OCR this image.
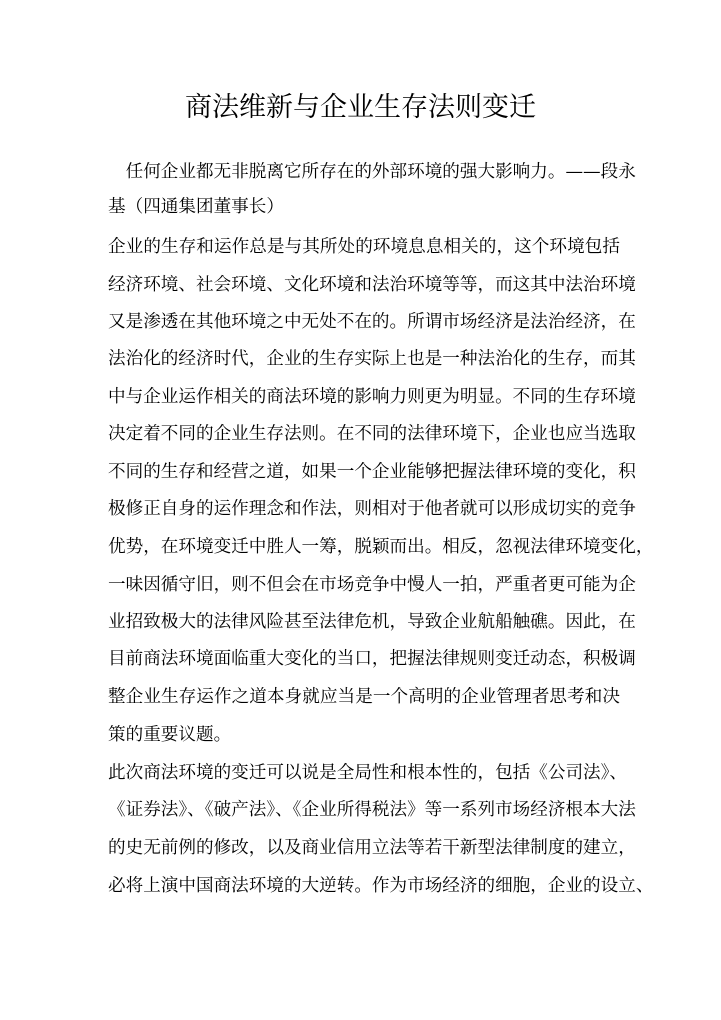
商法维新与企业生存法则变迁
　任何企业都无非脱离它所存在的外部环境的强大影响力。——段永
基（四通集团董事长）
企业的生存和运作总是与其所处的环境息息相关的，这个环境包括
经济环境、社会环境、文化环境和法治环境等等，而这其中法治环境
又是渗透在其他环境之中无处不在的。所谓市场经济是法治经济，在
法治化的经济时代，企业的生存实际上也是一种法治化的生存，而其
中与企业运作相关的商法环境的影响力则更为明显。不同的生存环境
决定着不同的企业生存法则。在不同的法律环境下，企业也应当选取
不同的生存和经营之道，如果一个企业能够把握法律环境的变化，积
极修正自身的运作理念和作法，则相对于他者就可以形成切实的竞争
优势，在环境变迁中胜人一筹，脱颖而出。相反，忽视法律环境变化，
一味因循守旧，则不但会在市场竞争中慢人一拍，严重者更可能为企
业招致极大的法律风险甚至法律危机，导致企业航船触礁。因此，在
目前商法环境面临重大变化的当口，把握法律规则变迁动态，积极调
整企业生存运作之道本身就应当是一个高明的企业管理者思考和决
策的重要议题。
此次商法环境的变迁可以说是全局性和根本性的，包括《公司法》、
《证券法》、《破产法》、《企业所得税法》等一系列市场经济根本大法
的史无前例的修改，以及商业信用立法等若干新型法律制度的建立，
必将上演中国商法环境的大逆转。作为市场经济的细胞，企业的设立、
